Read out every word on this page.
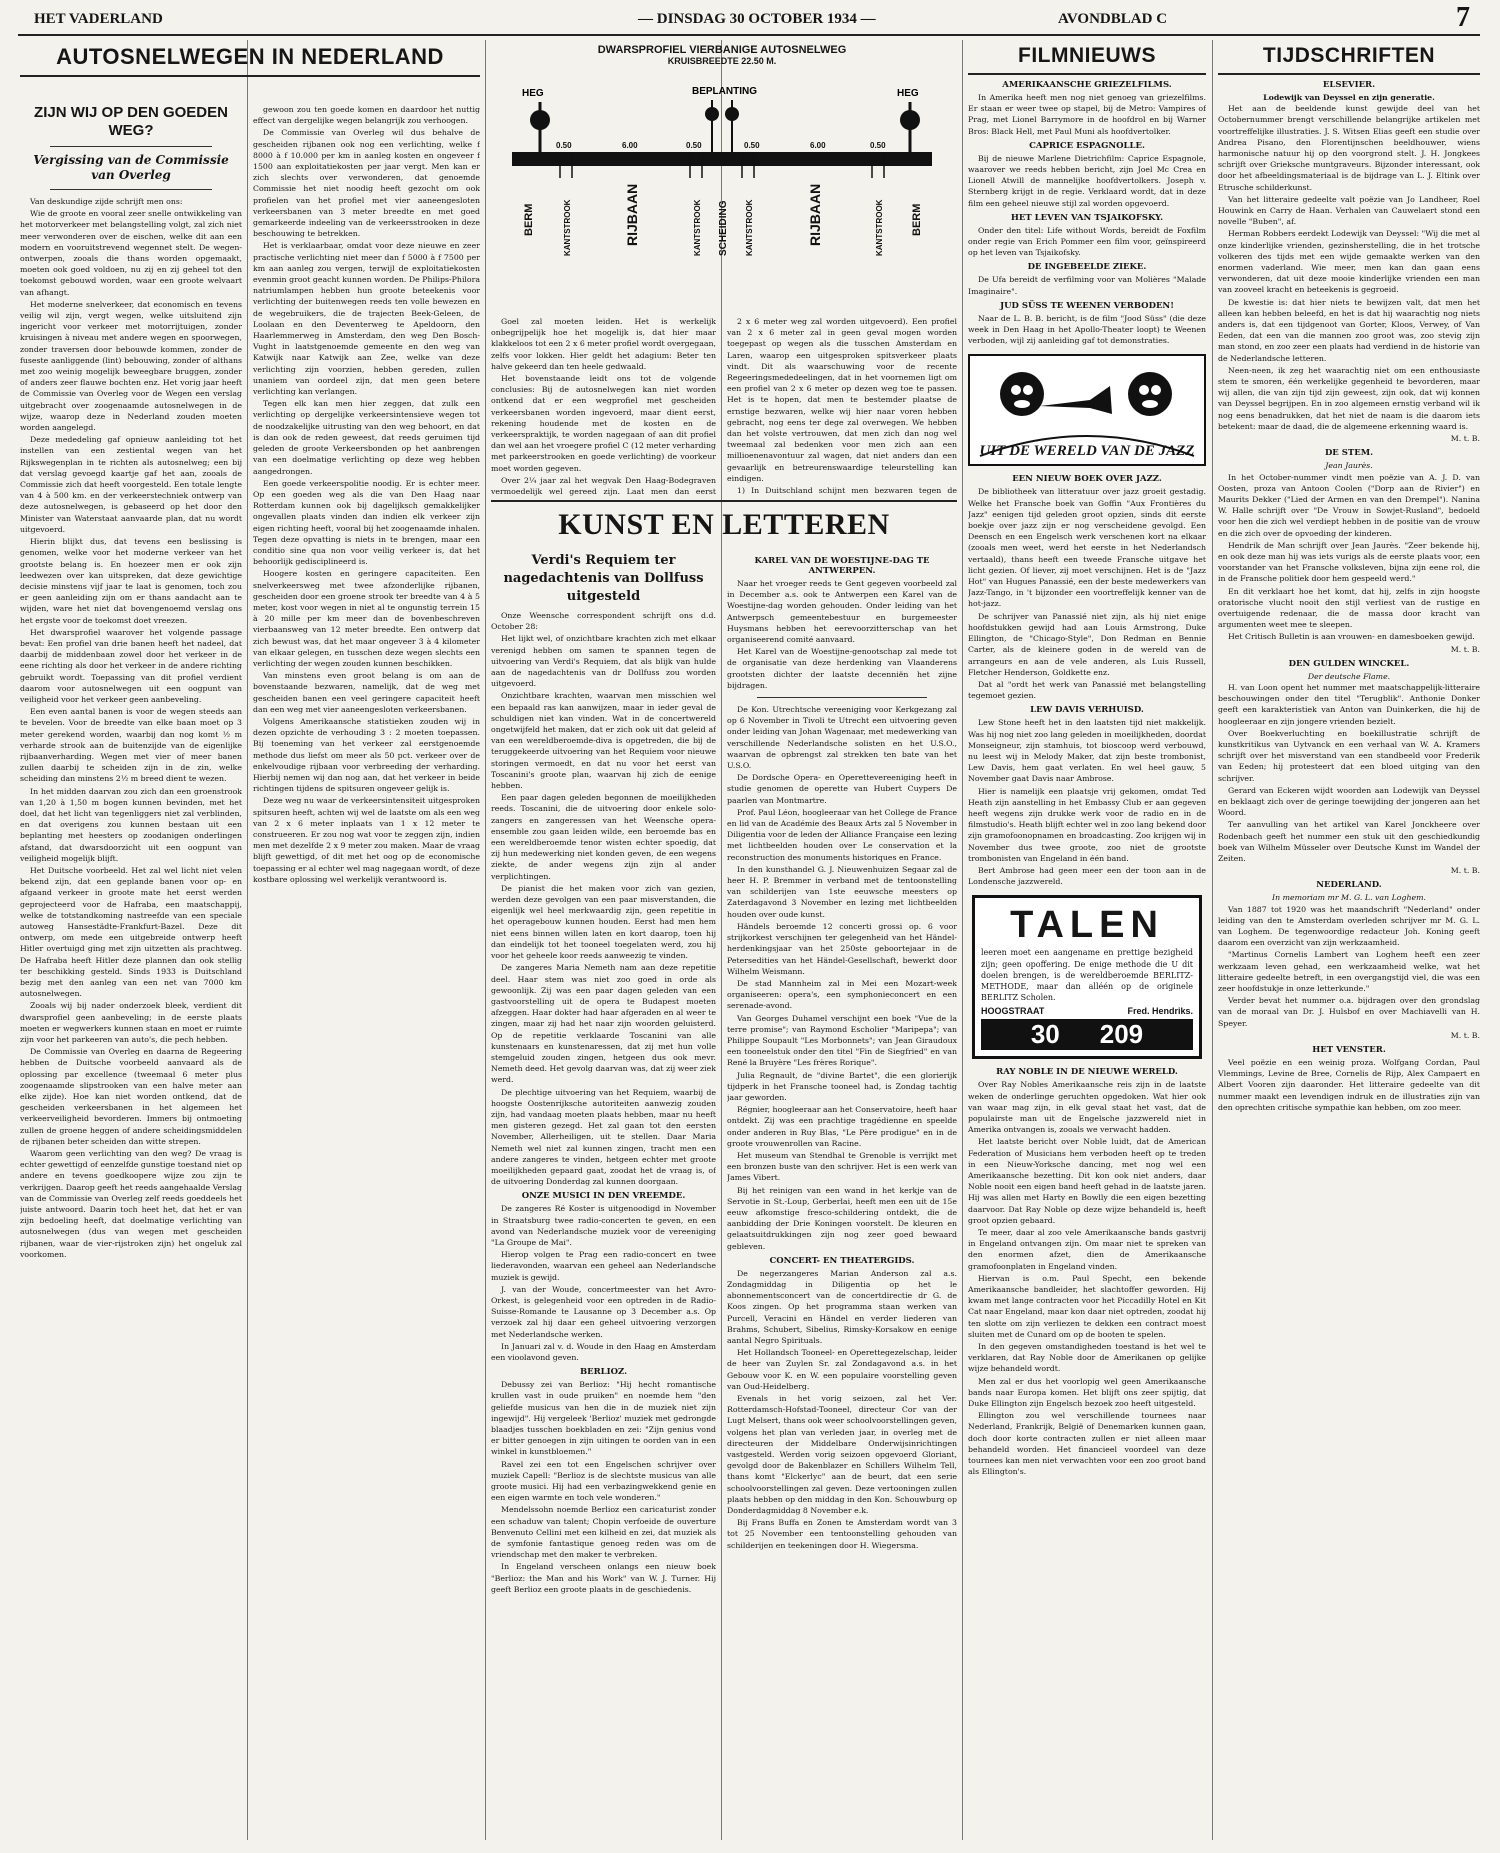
HET VADERLAND	— DINSDAG 30 OCTOBER 1934 —	AVONDBLAD C	7
AUTOSNELWEGEN IN NEDERLAND
ZIJN WIJ OP DEN GOEDEN WEG?
Vergissing van de Commissie van Overleg

Van deskundige zijde schrijft men ons:

Wie de groote en vooral zeer snelle ontwikkeling van het motorverkeer met belangstelling volgt, zal zich niet meer verwonderen over de eischen, welke dit aan een modern en vooruitstrevend wegennet stelt. De wegen-ontwerpen, zooals die thans worden opgemaakt, moeten ook goed voldoen, nu zij en zij geheel tot den toekomst gebouwd worden, waar een groote welvaart van afhangt.

Het moderne snelverkeer, dat economisch en tevens veilig wil zijn, vergt wegen, welke uitsluitend zijn ingericht voor verkeer met motorrijtuigen, zonder kruisingen à niveau met andere wegen en spoorwegen, zonder traversen door bebouwde kommen, zonder de fuseste aanliggende (lint) bebouwing, zonder of althans met zoo weinig mogelijk beweegbare bruggen, zonder of anders zeer flauwe bochten enz. Het vorig jaar heeft de Commissie van Overleg voor de Wegen een verslag uitgebracht over zoogenaamde autosnelwegen in de wijze, waarop deze in Nederland zouden moeten worden aangelegd.

Deze mededeling gaf opnieuw aanleiding tot het instellen van een zestiental wegen van het Rijkswegenplan in te richten als autosnelweg; een bij dat verslag gevoegd kaartje gaf het aan, zooals de Commissie zich dat heeft voorgesteld. Een totale lengte van 4 à 500 km. en der verkeerstechniek ontwerp van deze autosnelwegen, is gebaseerd op het door den Minister van Waterstaat aanvaarde plan, dat nu wordt uitgevoerd.

Hierin blijkt dus, dat tevens een beslissing is genomen, welke voor het moderne verkeer van het grootste belang is. En hoezeer men er ook zijn leedwezen over kan uitspreken, dat deze gewichtige decisie minstens vijf jaar te laat is genomen, toch zou er geen aanleiding zijn om er thans aandacht aan te wijden, ware het niet dat bovengenoemd verslag ons het ergste voor de toekomst doet vreezen.

Het dwarsprofiel waarover het volgende passage bevat: Een profiel van drie banen heeft het nadeel, dat daarbij de middenbaan zowel door het verkeer in de eene richting als door het verkeer in de andere richting gebruikt wordt. Toepassing van dit profiel verdient daarom voor autosnelwegen uit een oogpunt van veiligheid voor het verkeer geen aanbeveling.

Een even aantal banen is voor de wegen steeds aan te bevelen. Voor de breedte van elke baan moet op 3 meter gerekend worden, waarbij dan nog komt ½ m verharde strook aan de buitenzijde van de eigenlijke rijbaanverharding. Wegen met vier of meer banen zullen daarbij te scheiden zijn in de zin, welke scheiding dan minstens 2½ m breed dient te wezen.

In het midden daarvan zou zich dan een groenstrook van 1,20 à 1,50 m bogen kunnen bevinden, met het doel, dat het licht van tegenliggers niet zal verblinden, en dat overigens zou kunnen bestaan uit een beplanting met heesters op zoodanigen onderlingen afstand, dat dwarsdoorzicht uit een oogpunt van veiligheid mogelijk blijft.

Het Duitsche voorbeeld. Het zal wel licht niet velen bekend zijn, dat een geplande banen voor op- en afgaand verkeer in groote mate het eerst werden geprojecteerd voor de Hafraba, een maatschappij, welke de totstandkoming nastreefde van een speciale autoweg Hansestädte-Frankfurt-Bazel. Deze dit ontwerp, om mede een uitgebreide ontwerp heeft Hitler overtuigd ging met zijn uitzetten als prachtweg. De Hafraba heeft Hitler deze plannen dan ook stellig ter beschikking gesteld. Sinds 1933 is Duitschland bezig met den aanleg van een net van 7000 km autosnelwegen.

Zooals wij bij nader onderzoek bleek, verdient dit dwarsprofiel geen aanbeveling; in de eerste plaats moeten er wegwerkers kunnen staan en moet er ruimte zijn voor het parkeeren van auto's, die pech hebben.

De Commissie van Overleg en daarna de Regeering hebben de Duitsche voorbeeld aanvaard als de oplossing par excellence (tweemaal 6 meter plus zoogenaamde slipstrooken van een halve meter aan elke zijde). Hoe kan niet worden ontkend, dat de gescheiden verkeersbanen in het algemeen het verkeerveiligheid bevorderen. Immers bij ontmoeting zullen de groene heggen of andere scheidingsmiddelen de rijbanen beter scheiden dan witte strepen.

Waarom geen verlichting van den weg? De vraag is echter gewettigd of eenzelfde gunstige toestand niet op andere en tevens goedkoopere wijze zou zijn te verkrijgen. Daarop geeft het reeds aangehaalde Verslag van de Commissie van Overleg zelf reeds goeddeels het juiste antwoord. Daarin toch heet het, dat het er van zijn bedoeling heeft, dat doelmatige verlichting van autosnelwegen (dus van wegen met gescheiden rijbanen, waar de vier-rijstroken zijn) het ongeluk zal voorkomen.

gewoon zou ten goede komen en daardoor het nuttig effect van dergelijke wegen belangrijk zou verhoogen.

De Commissie van Overleg wil dus behalve de gescheiden rijbanen ook nog een verlichting, welke f 8000 à f 10.000 per km in aanleg kosten en ongeveer f 1500 aan exploitatiekosten per jaar vergt. Men kan er zich slechts over verwonderen, dat genoemde Commissie het niet noodig heeft gezocht om ook profielen van het profiel met vier aaneengesloten verkeersbanen van 3 meter breedte en met goed gemarkeerde indeeling van de verkeersstrooken in deze beschouwing te betrekken.

Het is verklaarbaar, omdat voor deze nieuwe en zeer practische verlichting niet meer dan f 5000 à f 7500 per km aan aanleg zou vergen, terwijl de exploitatiekosten evenmin groot geacht kunnen worden. De Philips-Philora natriumlampen hebben hun groote beteekenis voor verlichting der buitenwegen reeds ten volle bewezen en de wegebruikers, die de trajecten Beek-Geleen, de Loolaan en den Deventerweg te Apeldoorn, den Haarlemmerweg in Amsterdam, den weg Den Bosch-Vught in laatstgenoemde gemeente en den weg van Katwijk naar Katwijk aan Zee, welke van deze verlichting zijn voorzien, hebben gereden, zullen unaniem van oordeel zijn, dat men geen betere verlichting kan verlangen.

Tegen elk kan men hier zeggen, dat zulk een verlichting op dergelijke verkeersintensieve wegen tot de noodzakelijke uitrusting van den weg behoort, en dat is dan ook de reden geweest, dat reeds geruimen tijd geleden de groote Verkeersbonden op het aanbrengen van een doelmatige verlichting op deze weg hebben aangedrongen.

Een goede verkeerspolitie noodig. Er is echter meer. Op een goeden weg als die van Den Haag naar Rotterdam kunnen ook bij dagelijksch gemakkelijker ongevallen plaats vinden dan indien elk verkeer zijn eigen richting heeft, vooral bij het zoogenaamde inhalen. Tegen deze opvatting is niets in te brengen, maar een conditio sine qua non voor veilig verkeer is, dat het behoorlijk gedisciplineerd is.

Hoogere kosten en geringere capaciteiten. Een snelverkeersweg met twee afzonderlijke rijbanen, gescheiden door een groene strook ter breedte van 4 à 5 meter, kost voor wegen in niet al te ongunstig terrein 15 à 20 mille per km meer dan de bovenbeschreven vierbaansweg van 12 meter breedte. Een ontwerp dat zich bewust was, dat het maar ongeveer 3 à 4 kilometer van elkaar gelegen, en tusschen deze wegen slechts een verlichting der wegen zouden kunnen beschikken.

Van minstens even groot belang is om aan de bovenstaande bezwaren, namelijk, dat de weg met gescheiden banen een veel geringere capaciteit heeft dan een weg met vier aaneengesloten verkeersbanen.

Volgens Amerikaansche statistieken zouden wij in dezen opzichte de verhouding 3 : 2 moeten toepassen. Bij toeneming van het verkeer zal eerstgenoemde methode dus liefst om meer als 50 pct. verkeer over de enkelvoudige rijbaan voor verbreeding der verharding. Hierbij nemen wij dan nog aan, dat het verkeer in beide richtingen tijdens de spitsuren ongeveer gelijk is.

Deze weg nu waar de verkeersintensiteit uitgesproken spitsuren heeft, achten wij wel de laatste om als een weg van 2 x 6 meter inplaats van 1 x 12 meter te construeeren. Er zou nog wat voor te zeggen zijn, indien men met dezelfde 2 x 9 meter zou maken. Maar de vraag blijft gewettigd, of dit met het oog op de economische toepassing er al echter wel mag nagegaan wordt, of deze kostbare oplossing wel werkelijk verantwoord is.

DWARSPROFIEL VIERBANIGE AUTOSNELWEG
KRUISBREEDTE 22.50 M.
HEG	BEPLANTING	HEG
0.50	6.00	0.50	0.50	6.00	0.50
BERM	KANTSTROOK	RIJBAAN	KANTSTROOK SCHEIDING KANTSTROOK	RIJBAAN	KANTSTROOK BERM

Goel zal moeten leiden. Het is werkelijk onbegrijpelijk hoe het mogelijk is, dat hier maar klakkeloos tot een 2 x 6 meter profiel wordt overgegaan, zelfs voor lokken. Hier geldt het adagium: Beter ten halve gekeerd dan ten heele gedwaald.

Het bovenstaande leidt ons tot de volgende conclusies: Bij de autosnelwegen kan niet worden ontkend dat er een wegprofiel met gescheiden verkeersbanen worden ingevoerd, maar dient eerst, rekening houdende met de kosten en de verkeerspraktijk, te worden nagegaan of aan dit profiel dan wel aan het vroegere profiel C (12 meter verharding met parkeerstrooken en goede verlichting) de voorkeur moet worden gegeven.

Over 2¼ jaar zal het wegvak Den Haag-Bodegraven vermoedelijk wel gereed zijn. Laat men dan eerst

2 x 6 meter weg zal worden uitgevoerd). Een profiel van 2 x 6 meter zal in geen geval mogen worden toegepast op wegen als die tusschen Amsterdam en Laren, waarop een uitgesproken spitsverkeer plaats vindt. Dit als waarschuwing voor de recente Regeeringsmededeelingen, dat in het voornemen ligt om een profiel van 2 x 6 meter op dezen weg toe te passen. Het is te hopen, dat men te bestemder plaatse de ernstige bezwaren, welke wij hier naar voren hebben gebracht, nog eens ter dege zal overwegen. We hebben dan het volste vertrouwen, dat men zich dan nog wel tweemaal zal bedenken voor men zich aan een millioenenavontuur zal wagen, dat niet anders dan een gevaarlijk en betreurenswaardige teleurstelling kan eindigen.

1) In Duitschland schijnt men bezwaren tegen de

KUNST EN LETTEREN
Verdi's Requiem ter nagedachtenis van Dollfuss uitgesteld

Onze Weensche correspondent schrijft ons d.d. October 28:

Het lijkt wel, of onzichtbare krachten zich met elkaar verenigd hebben om samen te spannen tegen de uitvoering van Verdi's Requiem, dat als blijk van hulde aan de nagedachtenis van dr Dollfuss zou worden uitgevoerd.

Onzichtbare krachten, waarvan men misschien wel een bepaald ras kan aanwijzen, maar in ieder geval de schuldigen niet kan vinden. Wat in de concertwereld ongetwijfeld het maken, dat er zich ook uit dat geleid af van een wereldberoemde-diva is opgetreden, die bij de teruggekeerde uitvoering van het Requiem voor nieuwe storingen vermoedt, en dat nu voor het eerst van Toscanini's groote plan, waarvan hij zich de eenige hebben.

Een paar dagen geleden begonnen de moeilijkheden reeds. Toscanini, die de uitvoering door enkele solo-zangers en zangeressen van het Weensche opera-ensemble zou gaan leiden wilde, een beroemde bas en een wereldberoemde tenor wisten echter spoedig, dat zij hun medewerking niet konden geven, de een wegens ziekte, de ander wegens zijn zijn al ander verplichtingen.

De pianist die het maken voor zich van gezien, werden deze gevolgen van een paar misverstanden, die eigenlijk wel heel merkwaardig zijn, geen repetitie in het operagebouw kunnen houden. Eerst had men hem niet eens binnen willen laten en kort daarop, toen hij dan eindelijk tot het tooneel toegelaten werd, zou hij voor het geheele koor reeds aanweezig te vinden.

De zangeres Maria Nemeth nam aan deze repetitie deel. Haar stem was niet zoo goed in orde als gewoonlijk. Zij was een paar dagen geleden van een gastvoorstelling uit de opera te Budapest moeten afzeggen. Haar dokter had haar afgeraden en al weer te zingen, maar zij had het naar zijn woorden geluisterd. Op de repetitie verklaarde Toscanini van alle kunstenaars en kunstenaressen, dat zij met hun volle stemgeluid zouden zingen, hetgeen dus ook mevr. Nemeth deed. Het gevolg daarvan was, dat zij weer ziek werd.

De plechtige uitvoering van het Requiem, waarbij de hoogste Oostenrijksche autoriteiten aanwezig zouden zijn, had vandaag moeten plaats hebben, maar nu heeft men gisteren gezegd. Het zal gaan tot den eersten November, Allerheiligen, uit te stellen. Daar Maria Nemeth wel niet zal kunnen zingen, tracht men een andere zangeres te vinden, hetgeen echter met groote moeilijkheden gepaard gaat, zoodat het de vraag is, of de uitvoering Donderdag zal kunnen doorgaan.

ONZE MUSICI IN DEN VREEMDE.

De zangeres Ré Koster is uitgenoodigd in November in Straatsburg twee radio-concerten te geven, en een avond van Nederlandsche muziek voor de vereeniging "La Groupe de Mai".

Hierop volgen te Prag een radio-concert en twee liederavonden, waarvan een geheel aan Nederlandsche muziek is gewijd.

J. van der Woude, concertmeester van het Avro-Orkest, is gelegenheid voor een optreden in de Radio-Suisse-Romande te Lausanne op 3 December a.s. Op verzoek zal hij daar een geheel uitvoering verzorgen met Nederlandsche werken.

In Januari zal v. d. Woude in den Haag en Amsterdam een vioolavond geven.

BERLIOZ.

Debussy zei van Berlioz: "Hij hecht romantische krullen vast in oude pruiken" en noemde hem "den geliefde musicus van hen die in de muziek niet zijn ingewijd". Hij vergeleek 'Berlioz' muziek met gedrongde blaadjes tusschen boekbladen en zei: "Zijn genius vond er bitter genoegen in zijn uitingen te oorden van in een winkel in kunstbloemen."

Ravel zei een tot een Engelschen schrijver over muziek Capell: "Berlioz is de slechtste musicus van alle groote musici. Hij had een verbazingwekkend genie en een eigen warmte en toch vele wonderen."

Mendelssohn noemde Berlioz een caricaturist zonder een schaduw van talent; Chopin verfoeide de ouverture Benvenuto Cellini met een kilheid en zei, dat muziek als de symfonie fantastique genoeg reden was om de vriendschap met den maker te verbreken.

In Engeland verscheen onlangs een nieuw boek "Berlioz: the Man and his Work" van W. J. Turner. Hij geeft Berlioz een groote plaats in de geschiedenis.

KAREL VAN DE WOESTIJNE-DAG TE ANTWERPEN.

Naar het vroeger reeds te Gent gegeven voorbeeld zal in December a.s. ook te Antwerpen een Karel van de Woestijne-dag worden gehouden. Onder leiding van het Antwerpsch gemeentebestuur en burgemeester Huysmans hebben het eerevoorzitterschap van het organiseerend comité aanvaard.

Het Karel van de Woestijne-genootschap zal mede tot de organisatie van deze herdenking van Vlaanderens grootsten dichter der laatste decenniën het zijne bijdragen.

De Kon. Utrechtsche vereeniging voor Kerkgezang zal op 6 November in Tivoli te Utrecht een uitvoering geven onder leiding van Johan Wagenaar, met medewerking van verschillende Nederlandsche solisten en het U.S.O., waarvan de opbrengst zal strekken ten bate van het U.S.O.

De Dordsche Opera- en Operettevereeniging heeft in studie genomen de operette van Hubert Cuypers De paarlen van Montmartre.

Prof. Paul Léon, hoogleeraar van het College de France en lid van de Académie des Beaux Arts zal 5 November in Diligentia voor de leden der Alliance Française een lezing met lichtbeelden houden over Le conservation et la reconstruction des monuments historiques en France.

In den kunsthandel G. J. Nieuwenhuizen Segaar zal de heer H. P. Bremmer in verband met de tentoonstelling van schilderijen van 1ste eeuwsche meesters op Zaterdagavond 3 November en lezing met lichtbeelden houden over oude kunst.

Händels beroemde 12 concerti grossi op. 6 voor strijkorkest verschijnen ter gelegenheid van het Händel-herdenkingsjaar van het 250ste geboortejaar in de Petersedities van het Händel-Gesellschaft, bewerkt door Wilhelm Weismann.

De stad Mannheim zal in Mei een Mozart-week organiseeren: opera's, een symphonieconcert en een serenade-avond.

Van Georges Duhamel verschijnt een boek "Vue de la terre promise"; van Raymond Escholier "Maripepa"; van Philippe Soupault "Les Morbonnets"; van Jean Giraudoux een tooneelstuk onder den titel "Fin de Siegfried" en van René la Bruyère "Les frères Rorique".

Julia Regnault, de "divine Bartet", die een glorierijk tijdperk in het Fransche tooneel had, is Zondag tachtig jaar geworden.

Régnier, hoogleeraar aan het Conservatoire, heeft haar ontdekt. Zij was een prachtige tragédienne en speelde onder anderen in Ruy Blas, "Le Père prodigue" en in de groote vrouwenrollen van Racine.

Het museum van Stendhal te Grenoble is verrijkt met een bronzen buste van den schrijver. Het is een werk van James Vibert.

Bij het reinigen van een wand in het kerkje van de Servotie in St.-Loup, Gerberlai, heeft men een uit de 15e eeuw afkomstige fresco-schildering ontdekt, die de aanbidding der Drie Koningen voorstelt. De kleuren en gelaatsuitdrukkingen zijn nog zeer goed bewaard gebleven.

CONCERT- EN THEATERGIDS.

De negerzangeres Marian Anderson zal a.s. Zondagmiddag in Diligentia op het le abonnementsconcert van de concertdirectie dr G. de Koos zingen. Op het programma staan werken van Purcell, Veracini en Händel en verder liederen van Brahms, Schubert, Sibelius, Rimsky-Korsakow en eenige aantal Negro Spirituals.

Het Hollandsch Tooneel- en Operettegezelschap, leider de heer van Zuylen Sr. zal Zondagavond a.s. in het Gebouw voor K. en W. een populaire voorstelling geven van Oud-Heidelberg.

Evenals in het vorig seizoen, zal het Ver. Rotterdamsch-Hofstad-Tooneel, directeur Cor van der Lugt Melsert, thans ook weer schoolvoorstellingen geven, volgens het plan van verleden jaar, in overleg met de directeuren der Middelbare Onderwijsinrichtingen vastgesteld. Werden vorig seizoen opgevoerd Gloriant, gevolgd door de Bakenblazer en Schillers Wilhelm Tell, thans komt "Elckerlyc" aan de beurt, dat een serie schoolvoorstellingen zal geven. Deze vertooningen zullen plaats hebben op den middag in den Kon. Schouwburg op Donderdagmiddag 8 November e.k.

Bij Frans Buffa en Zonen te Amsterdam wordt van 3 tot 25 November een tentoonstelling gehouden van schilderijen en teekeningen door H. Wiegersma.

FILMNIEUWS
AMERIKAANSCHE GRIEZELFILMS.

In Amerika heeft men nog niet genoeg van griezelfilms. Er staan er weer twee op stapel, bij de Metro: Vampires of Prag, met Lionel Barrymore in de hoofdrol en bij Warner Bros: Black Hell, met Paul Muni als hoofdvertolker.

CAPRICE ESPAGNOLLE.

Bij de nieuwe Marlene Dietrichfilm: Caprice Espagnole, waarover we reeds hebben bericht, zijn Joel Mc Crea en Lionell Atwill de mannelijke hoofdvertolkers. Joseph v. Sternberg krijgt in de regie. Verklaard wordt, dat in deze film een geheel nieuwe stijl zal worden opgevoerd.

HET LEVEN VAN TSJAIKOFSKY.

Onder den titel: Life without Words, bereidt de Foxfilm onder regie van Erich Pommer een film voor, geïnspireerd op het leven van Tsjaikofsky.

DE INGEBEELDE ZIEKE.

De Ufa bereidt de verfilming voor van Molières "Malade Imaginaire".

JUD SÜSS TE WEENEN VERBODEN!

Naar de L. B. B. bericht, is de film "Jood Süss" (die deze week in Den Haag in het Apollo-Theater loopt) te Weenen verboden, wijl zij aanleiding gaf tot demonstraties.

UIT DE WERELD VAN DE JAZZ
EEN NIEUW BOEK OVER JAZZ.

De bibliotheek van litteratuur over jazz groeit gestadig. Welke het Fransche boek van Goffin "Aux Frontières du Jazz" eenigen tijd geleden groot opzien, sinds dit eerste boekje over jazz zijn er nog verscheidene gevolgd. Een Deensch en een Engelsch werk verschenen kort na elkaar (zooals men weet, werd het eerste in het Nederlandsch vertaald), thans heeft een tweede Fransche uitgave het licht gezien. Of liever, zij moet verschijnen. Het is de "Jazz Hot" van Hugues Panassié, een der beste medewerkers van Jazz-Tango, in 't bijzonder een voortreffelijk kenner van de hot-jazz.

De schrijver van Panassié niet zijn, als hij niet enige hoofdstukken gewijd had aan Louis Armstrong, Duke Ellington, de "Chicago-Style", Don Redman en Bennie Carter, als de kleinere goden in de wereld van de arrangeurs en aan de vele anderen, als Luis Russell, Fletcher Henderson, Goldkette enz.

Dat al "ordt het werk van Panassié met belangstelling tegemoet gezien.

LEW DAVIS VERHUISD.

Lew Stone heeft het in den laatsten tijd niet makkelijk. Was hij nog niet zoo lang geleden in moeilijkheden, doordat Monseigneur, zijn stamhuis, tot bioscoop werd verbouwd, nu leest wij in Melody Maker, dat zijn beste trombonist, Lew Davis, hem gaat verlaten. En wel heel gauw, 5 November gaat Davis naar Ambrose.

Hier is namelijk een plaatsje vrij gekomen, omdat Ted Heath zijn aanstelling in het Embassy Club er aan gegeven heeft wegens zijn drukke werk voor de radio en in de filmstudio's. Heath blijft echter wel in zoo lang bekend door zijn gramofoonopnamen en broadcasting. Zoo krijgen wij in November dus twee groote, zoo niet de grootste trombonisten van Engeland in één band.

Bert Ambrose had geen meer een der toon aan in de Londensche jazzwereld.

TALEN
leeren moet een aangename en prettige bezigheid zijn; geen opoffering. De enige methode die U dit doelen brengen, is de wereldberoemde BERLITZ-METHODE, maar dan alléén op de originele BERLITZ Scholen.
HOOGSTRAAT	Fred. Hendriks.
30 209
RAY NOBLE IN DE NIEUWE WERELD.

Over Ray Nobles Amerikaansche reis zijn in de laatste weken de onderlinge geruchten opgedoken. Wat hier ook van waar mag zijn, in elk geval staat het vast, dat de populairste man uit de Engelsche jazzwereld niet in Amerika ontvangen is, zooals we verwacht hadden.

Het laatste bericht over Noble luidt, dat de American Federation of Musicians hem verboden heeft op te treden in een Nieuw-Yorksche dancing, met nog wel een Amerikaansche bezetting. Dit kon ook niet anders, daar Noble nooit een eigen band heeft gehad in de laatste jaren. Hij was allen met Harty en Bowlly die een eigen bezetting daarvoor. Dat Ray Noble op deze wijze behandeld is, heeft groot opzien gebaard.

Te meer, daar al zoo vele Amerikaansche bands gastvrij in Engeland ontvangen zijn. Om maar niet te spreken van den enormen afzet, dien de Amerikaansche gramofoonplaten in Engeland vinden.

Hiervan is o.m. Paul Specht, een bekende Amerikaansche bandleider, het slachtoffer geworden. Hij kwam met lange contracten voor het Piccadilly Hotel en Kit Cat naar Engeland, maar kon daar niet optreden, zoodat hij ten slotte om zijn verliezen te dekken een contract moest sluiten met de Cunard om op de booten te spelen.

In den gegeven omstandigheden toestand is het wel te verklaren, dat Ray Noble door de Amerikanen op gelijke wijze behandeld wordt.

Men zal er dus het voorlopig wel geen Amerikaansche bands naar Europa komen. Het blijft ons zeer spijtig, dat Duke Ellington zijn Engelsch bezoek zoo heeft uitgesteld.

Ellington zou wel verschillende tournees naar Nederland, Frankrijk, België of Denemarken kunnen gaan, doch door korte contracten zullen er niet alleen maar behandeld worden. Het financieel voordeel van deze tournees kan men niet verwachten voor een zoo groot band als Ellington's.

TIJDSCHRIFTEN
ELSEVIER.
Lodewijk van Deyssel en zijn generatie.

Het aan de beeldende kunst gewijde deel van het Octobernummer brengt verschillende belangrijke artikelen met voortreffelijke illustraties. J. S. Witsen Elias geeft een studie over Andrea Pisano, den Florentijnschen beeldhouwer, wiens harmonische natuur hij op den voorgrond stelt. J. H. Jongkees schrijft over Grieksche muntgraveurs. Bijzonder interessant, ook door het afbeeldingsmateriaal is de bijdrage van L. J. Eltink over Etrusche schilderkunst.

Van het litteraire gedeelte valt poëzie van Jo Landheer, Roel Houwink en Carry de Haan. Verhalen van Cauwelaert stond een novelle "Buben", af.

Herman Robbers eerdekt Lodewijk van Deyssel: "Wij die met al onze kinderlijke vrienden, gezinsherstelling, die in het trotsche volkeren des tijds met een wijde gemaakte werken van den enormen vaderland. Wie meer, men kan dan gaan eens verwonderen, dat uit deze mooie kinderlijke vrienden een man van zooveel kracht en beteekenis is gegroeid.

De kwestie is: dat hier niets te bewijzen valt, dat men het alleen kan hebben beleefd, en het is dat hij waarachtig nog niets anders is, dat een tijdgenoot van Gorter, Kloos, Verwey, of Van Eeden, dat een van die mannen zoo groot was, zoo stevig zijn man stond, en zoo zeer een plaats had verdiend in de historie van de Nederlandsche letteren.

Neen-neen, ik zeg het waarachtig niet om een enthousiaste stem te smoren, één werkelijke gegenheid te bevorderen, maar wij allen, die van zijn tijd zijn geweest, zijn ook, dat wij konnen van Deyssel begrijpen. En in zoo algemeen ernstig verband wil ik nog eens benadrukken, dat het niet de naam is die daarom iets betekent: maar de daad, die de algemeene erkenning waard is.

M. t. B.

DE STEM.
Jean Jaurès.

In het October-nummer vindt men poëzie van A. J. D. van Oosten, proza van Antoon Coolen ("Dorp aan de Rivier") en Maurits Dekker ("Lied der Armen en van den Drempel"). Nanina W. Halle schrijft over "De Vrouw in Sowjet-Rusland", bedoeld voor hen die zich wel verdiept hebben in de positie van de vrouw en die zich over de opvoeding der kinderen.

Hendrik de Man schrijft over Jean Jaurès. "Zeer bekende hij, en ook deze man hij was iets vurigs als de eerste plaats voor, een voorstander van het Fransche volksleven, bijna zijn eene rol, die in de Fransche politiek door hem gespeeld werd."

En dit verklaart hoe het komt, dat hij, zelfs in zijn hoogste oratorische vlucht nooit den stijl verliest van de rustige en overtuigende redenaar, die de massa door kracht van argumenten weet mee te sleepen.

Het Critisch Bulletin is aan vrouwen- en damesboeken gewijd.

M. t. B.

DEN GULDEN WINCKEL.
Der deutsche Flame.

H. van Loon opent het nummer met maatschappelijk-litteraire beschouwingen onder den titel "Terugblik". Anthonie Donker geeft een karakteristiek van Anton van Duinkerken, die hij de hoogleeraar en zijn jongere vrienden bezielt.

Over Boekverluchting en boekillustratie schrijft de kunstkritikus van Uytvanck en een verhaal van W. A. Kramers schrijft over het misverstand van een standbeeld voor Frederik van Eeden; hij protesteert dat een bloed uitging van den schrijver.

Gerard van Eckeren wijdt woorden aan Lodewijk van Deyssel en beklaagt zich over de geringe toewijding der jongeren aan het Woord.

Ter aanvulling van het artikel van Karel Jonckheere over Rodenbach geeft het nummer een stuk uit den geschiedkundig boek van Wilhelm Müsseler over Deutsche Kunst im Wandel der Zeiten.

M. t. B.

NEDERLAND.
In memoriam mr M. G. L. van Loghem.

Van 1887 tot 1920 was het maandschrift "Nederland" onder leiding van den te Amsterdam overleden schrijver mr M. G. L. van Loghem. De tegenwoordige redacteur Joh. Koning geeft daarom een overzicht van zijn werkzaamheid.

"Martinus Cornelis Lambert van Loghem heeft een zeer werkzaam leven gehad, een werkzaamheid welke, wat het litteraire gedeelte betreft, in een overgangstijd viel, die was een zeer hoofdstukje in onze letterkunde."

Verder bevat het nummer o.a. bijdragen over den grondslag van de moraal van Dr. J. Hulsbof en over Machiavelli van H. Speyer.

M. t. B.

HET VENSTER.

Veel poëzie en een weinig proza. Wolfgang Cordan, Paul Vlemmings, Levine de Bree, Cornelis de Rijp, Alex Campaert en Albert Vooren zijn daaronder. Het litteraire gedeelte van dit nummer maakt een levendigen indruk en de illustraties zijn van den oprechten critische sympathie kan hebben, om zoo meer.
